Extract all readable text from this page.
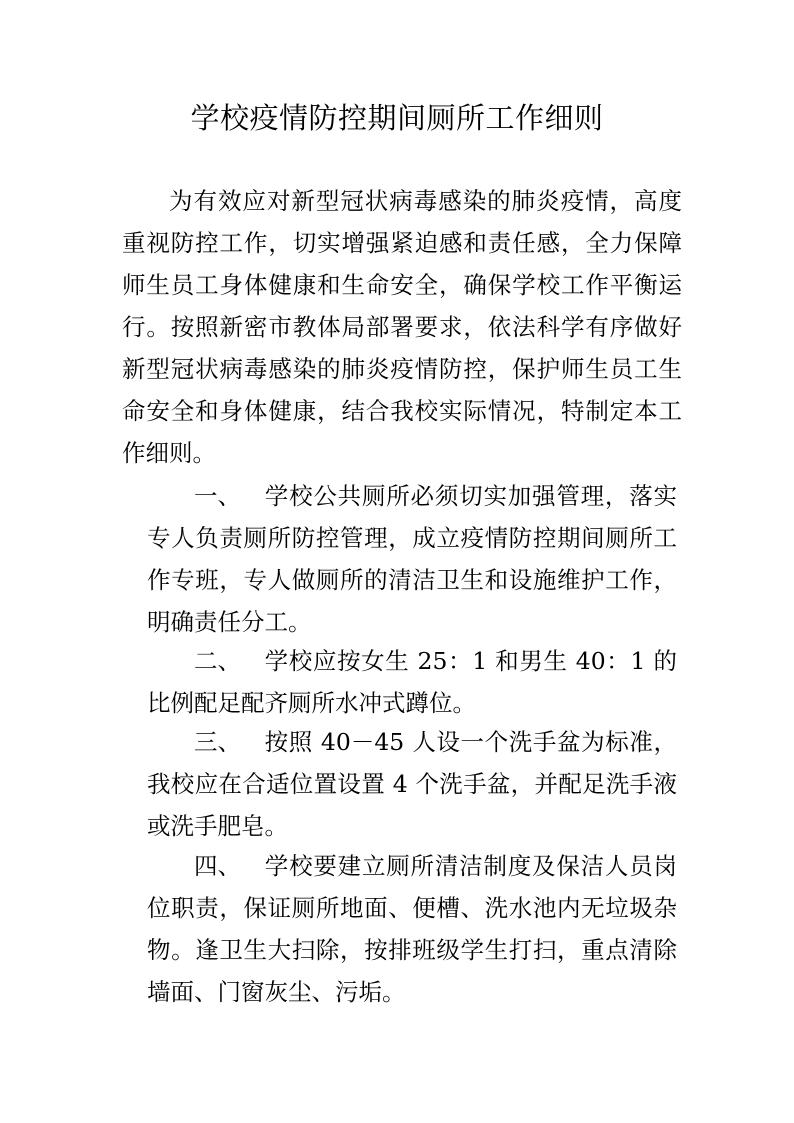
学校疫情防控期间厕所工作细则

为有效应对新型冠状病毒感染的肺炎疫情，高度重视防控工作，切实增强紧迫感和责任感，全力保障师生员工身体健康和生命安全，确保学校工作平衡运行。按照新密市教体局部署要求，依法科学有序做好新型冠状病毒感染的肺炎疫情防控，保护师生员工生命安全和身体健康，结合我校实际情况，特制定本工作细则。

一、 学校公共厕所必须切实加强管理，落实专人负责厕所防控管理，成立疫情防控期间厕所工作专班，专人做厕所的清洁卫生和设施维护工作，明确责任分工。

二、 学校应按女生 25：1 和男生 40：1 的比例配足配齐厕所水冲式蹲位。

三、 按照 40－45 人设一个洗手盆为标准，我校应在合适位置设置 4 个洗手盆，并配足洗手液或洗手肥皂。

四、 学校要建立厕所清洁制度及保洁人员岗位职责，保证厕所地面、便槽、洗水池内无垃圾杂物。逢卫生大扫除，按排班级学生打扫，重点清除墙面、门窗灰尘、污垢。
